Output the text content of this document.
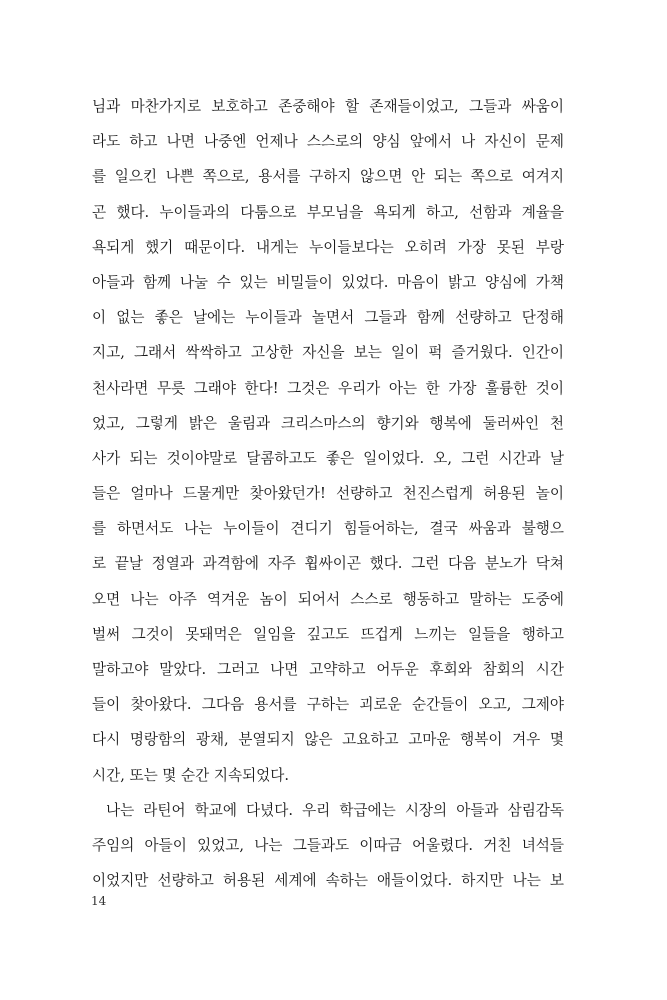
님과 마찬가지로 보호하고 존중해야 할 존재들이었고, 그들과 싸움이
라도 하고 나면 나중엔 언제나 스스로의 양심 앞에서 나 자신이 문제
를 일으킨 나쁜 쪽으로, 용서를 구하지 않으면 안 되는 쪽으로 여겨지
곤 했다. 누이들과의 다툼으로 부모님을 욕되게 하고, 선함과 계율을
욕되게 했기 때문이다. 내게는 누이들보다는 오히려 가장 못된 부랑
아들과 함께 나눌 수 있는 비밀들이 있었다. 마음이 밝고 양심에 가책
이 없는 좋은 날에는 누이들과 놀면서 그들과 함께 선량하고 단정해
지고, 그래서 싹싹하고 고상한 자신을 보는 일이 퍽 즐거웠다. 인간이
천사라면 무릇 그래야 한다! 그것은 우리가 아는 한 가장 훌륭한 것이
었고, 그렇게 밝은 울림과 크리스마스의 향기와 행복에 둘러싸인 천
사가 되는 것이야말로 달콤하고도 좋은 일이었다. 오, 그런 시간과 날
들은 얼마나 드물게만 찾아왔던가! 선량하고 천진스럽게 허용된 놀이
를 하면서도 나는 누이들이 견디기 힘들어하는, 결국 싸움과 불행으
로 끝날 정열과 과격함에 자주 휩싸이곤 했다. 그런 다음 분노가 닥쳐
오면 나는 아주 역겨운 놈이 되어서 스스로 행동하고 말하는 도중에
벌써 그것이 못돼먹은 일임을 깊고도 뜨겁게 느끼는 일들을 행하고
말하고야 말았다. 그러고 나면 고약하고 어두운 후회와 참회의 시간
들이 찾아왔다. 그다음 용서를 구하는 괴로운 순간들이 오고, 그제야
다시 명랑함의 광채, 분열되지 않은 고요하고 고마운 행복이 겨우 몇
시간, 또는 몇 순간 지속되었다.
나는 라틴어 학교에 다녔다. 우리 학급에는 시장의 아들과 삼림감독
주임의 아들이 있었고, 나는 그들과도 이따금 어울렸다. 거친 녀석들
이었지만 선량하고 허용된 세계에 속하는 애들이었다. 하지만 나는 보
14
